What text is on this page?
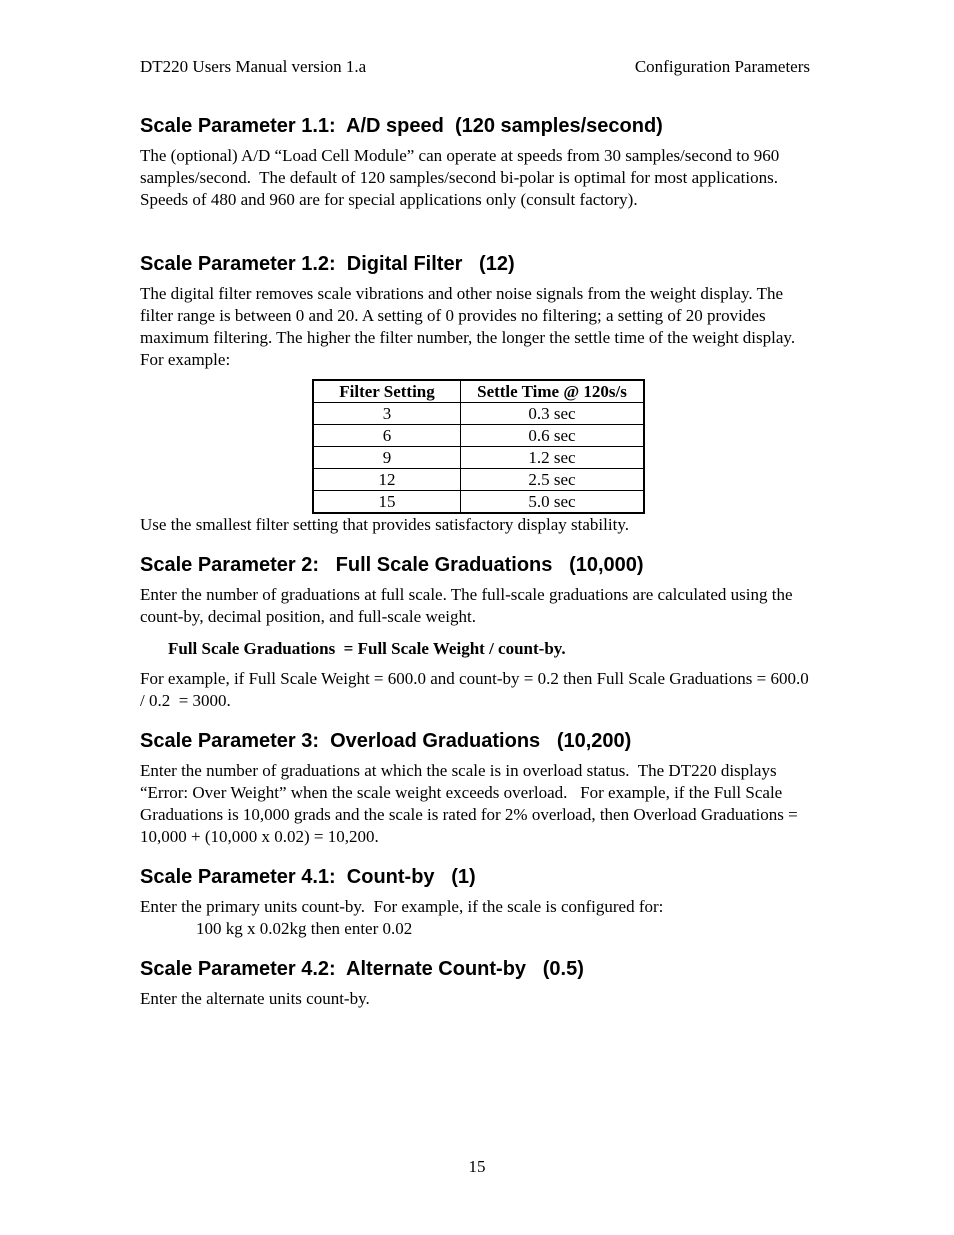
DT220 Users Manual version 1.a	Configuration Parameters
Scale Parameter 1.1:  A/D speed  (120 samples/second)

The (optional) A/D “Load Cell Module” can operate at speeds from 30 samples/second to 960 samples/second.  The default of 120 samples/second bi-polar is optimal for most applications.  Speeds of 480 and 960 are for special applications only (consult factory).

Scale Parameter 1.2:  Digital Filter   (12)

The digital filter removes scale vibrations and other noise signals from the weight display. The filter range is between 0 and 20. A setting of 0 provides no filtering; a setting of 20 provides maximum filtering. The higher the filter number, the longer the settle time of the weight display. For example:

Filter Setting	Settle Time @ 120s/s
3	0.3 sec
6	0.6 sec
9	1.2 sec
12	2.5 sec
15	5.0 sec

Use the smallest filter setting that provides satisfactory display stability.

Scale Parameter 2:   Full Scale Graduations   (10,000)

Enter the number of graduations at full scale. The full-scale graduations are calculated using the count-by, decimal position, and full-scale weight.

Full Scale Graduations  = Full Scale Weight / count-by.

For example, if Full Scale Weight = 600.0 and count-by = 0.2 then Full Scale Graduations = 600.0 / 0.2  = 3000.

Scale Parameter 3:  Overload Graduations   (10,200)

Enter the number of graduations at which the scale is in overload status.  The DT220 displays “Error: Over Weight” when the scale weight exceeds overload.   For example, if the Full Scale Graduations is 10,000 grads and the scale is rated for 2% overload, then Overload Graduations = 10,000 + (10,000 x 0.02) = 10,200.

Scale Parameter 4.1:  Count-by   (1)

Enter the primary units count-by.  For example, if the scale is configured for:

100 kg x 0.02kg then enter 0.02

Scale Parameter 4.2:  Alternate Count-by   (0.5)

Enter the alternate units count-by.

15
